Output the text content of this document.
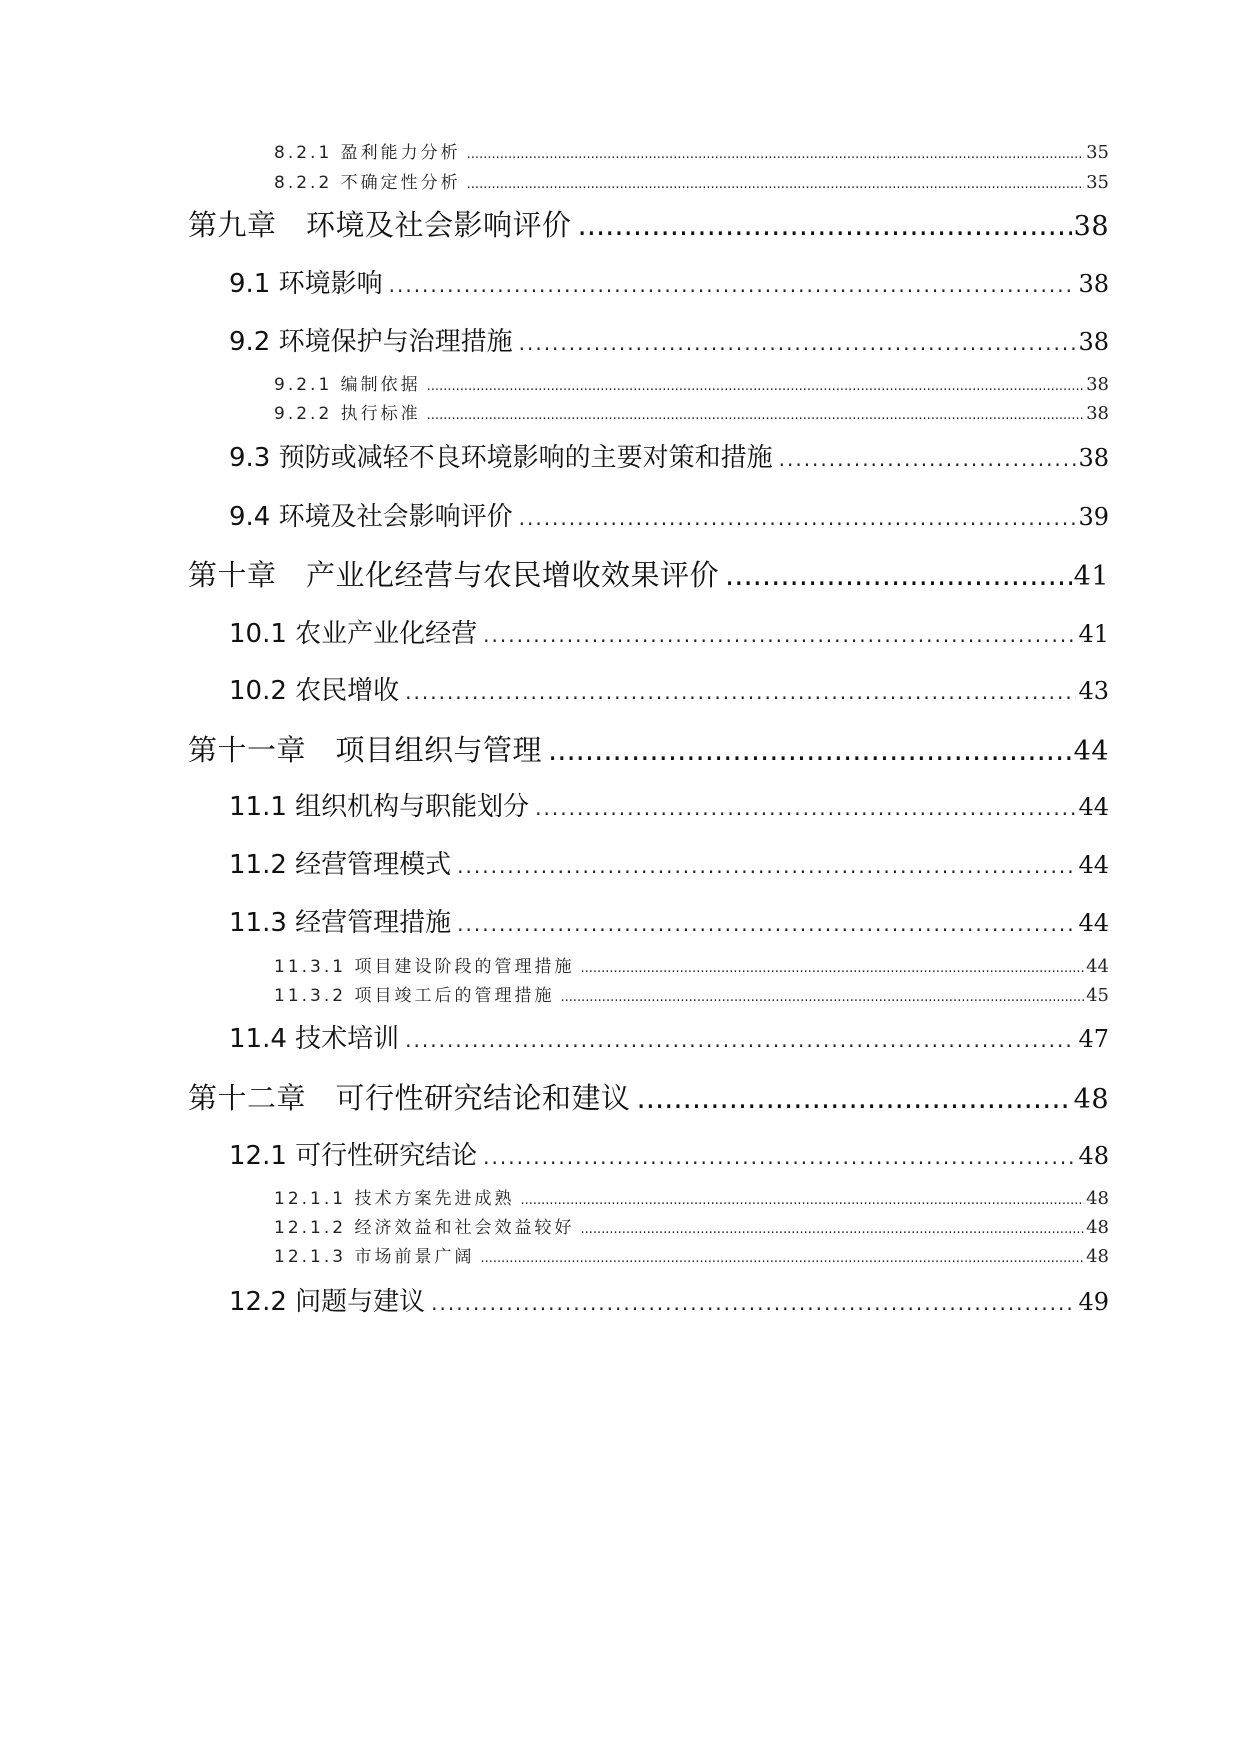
8.2.1 盈利能力分析 .....	35
8.2.2 不确定性分析 .....	35
第九章　环境及社会影响评价 .....	38
9.1 环境影响 .....	38
9.2 环境保护与治理措施 .....	38
9.2.1 编制依据 .....	38
9.2.2 执行标准 .....	38
9.3 预防或减轻不良环境影响的主要对策和措施 .....	38
9.4 环境及社会影响评价 .....	39
第十章　产业化经营与农民增收效果评价 .....	41
10.1 农业产业化经营 .....	41
10.2 农民增收 .....	43
第十一章　项目组织与管理 .....	44
11.1 组织机构与职能划分 .....	44
11.2 经营管理模式 .....	44
11.3 经营管理措施 .....	44
11.3.1 项目建设阶段的管理措施 .....	44
11.3.2 项目竣工后的管理措施 .....	45
11.4 技术培训 .....	47
第十二章　可行性研究结论和建议 .....	48
12.1 可行性研究结论 .....	48
12.1.1 技术方案先进成熟 .....	48
12.1.2 经济效益和社会效益较好 .....	48
12.1.3 市场前景广阔 .....	48
12.2 问题与建议 .....	49
